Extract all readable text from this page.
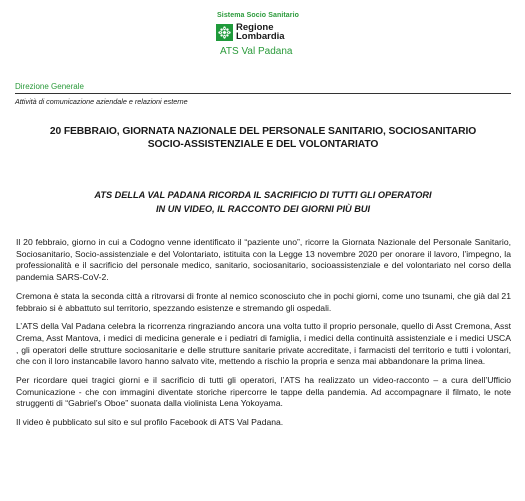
Sistema Socio Sanitario
Regione
Lombardia
ATS Val Padana
Direzione Generale
Attività di comunicazione aziendale e relazioni esterne
20 FEBBRAIO, GIORNATA NAZIONALE DEL PERSONALE SANITARIO, SOCIOSANITARIO
SOCIO-ASSISTENZIALE E DEL VOLONTARIATO
ATS DELLA VAL PADANA RICORDA IL SACRIFICIO DI TUTTI GLI OPERATORI
IN UN VIDEO, IL RACCONTO DEI GIORNI PIÙ BUI

Il 20 febbraio, giorno in cui a Codogno venne identificato il “paziente uno”, ricorre la Giornata Nazionale del Personale Sanitario, Sociosanitario, Socio-assistenziale e del Volontariato, istituita con la Legge 13 novembre 2020 per onorare il lavoro, l’impegno, la professionalità e il sacrificio del personale medico, sanitario, sociosanitario, socioassistenziale e del volontariato nel corso della pandemia SARS-CoV-2.

Cremona è stata la seconda città a ritrovarsi di fronte al nemico sconosciuto che in pochi giorni, come uno tsunami, che già dal 21 febbraio si è abbattuto sul territorio, spezzando esistenze e stremando gli ospedali.

L’ATS della Val Padana celebra la ricorrenza ringraziando ancora una volta tutto il proprio personale, quello di Asst Cremona, Asst Crema, Asst Mantova, i medici di medicina generale e i pediatri di famiglia, i medici della continuità assistenziale e i medici USCA , gli operatori delle strutture sociosanitarie e delle strutture sanitarie private accreditate, i farmacisti del territorio e tutti i volontari, che con il loro instancabile lavoro hanno salvato vite, mettendo a rischio la propria e senza mai abbandonare la prima linea.

Per ricordare quei tragici giorni e il sacrificio di tutti gli operatori, l’ATS ha realizzato un video-racconto – a cura dell’Ufficio Comunicazione - che con immagini diventate storiche ripercorre le tappe della pandemia. Ad accompagnare il filmato, le note struggenti di “Gabriel’s Oboe” suonata dalla violinista Lena Yokoyama.

Il video è pubblicato sul sito e sul profilo Facebook di ATS Val Padana.
